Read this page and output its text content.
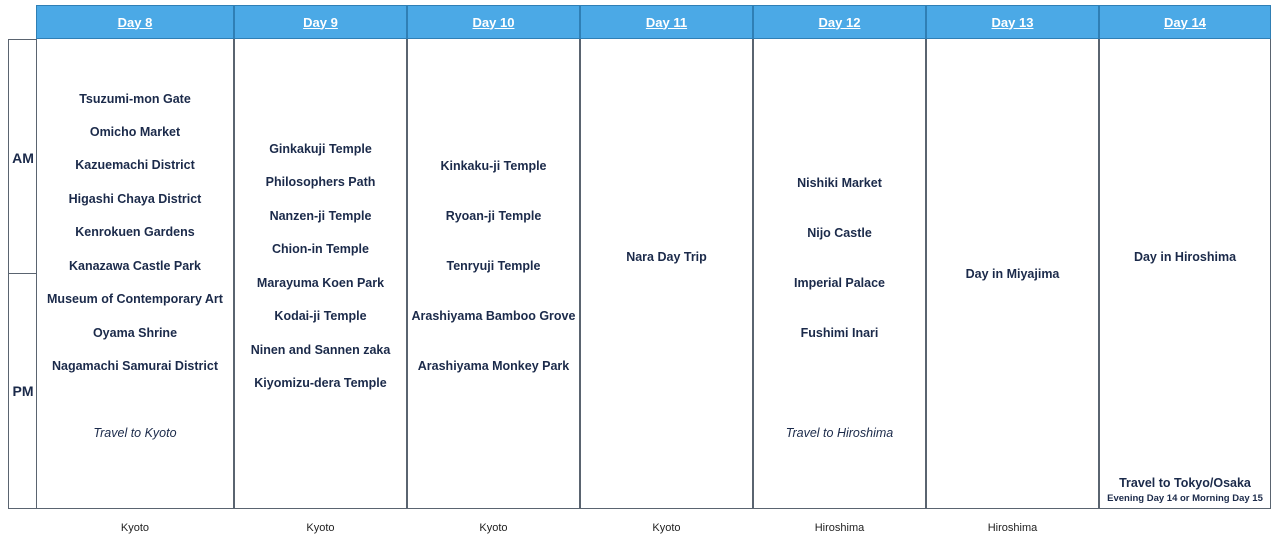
AM
PM
Day 8
Tsuzumi-mon Gate
Omicho Market
Kazuemachi District
Higashi Chaya District
Kenrokuen Gardens
Kanazawa Castle Park
Museum of Contemporary Art
Oyama Shrine
Nagamachi Samurai District
Travel to Kyoto
Kyoto
Day 9
Ginkakuji Temple
Philosophers Path
Nanzen-ji Temple
Chion-in Temple
Marayuma Koen Park
Kodai-ji Temple
Ninen and Sannen zaka
Kiyomizu-dera Temple
Kyoto
Day 10
Kinkaku-ji Temple
Ryoan-ji Temple
Tenryuji Temple
Arashiyama Bamboo Grove
Arashiyama Monkey Park
Kyoto
Day 11
Nara Day Trip
Kyoto
Day 12
Nishiki Market
Nijo Castle
Imperial Palace
Fushimi Inari
Travel to Hiroshima
Hiroshima
Day 13
Day in Miyajima
Hiroshima
Day 14
Day in Hiroshima
Travel to Tokyo/Osaka
Evening Day 14 or Morning Day 15
